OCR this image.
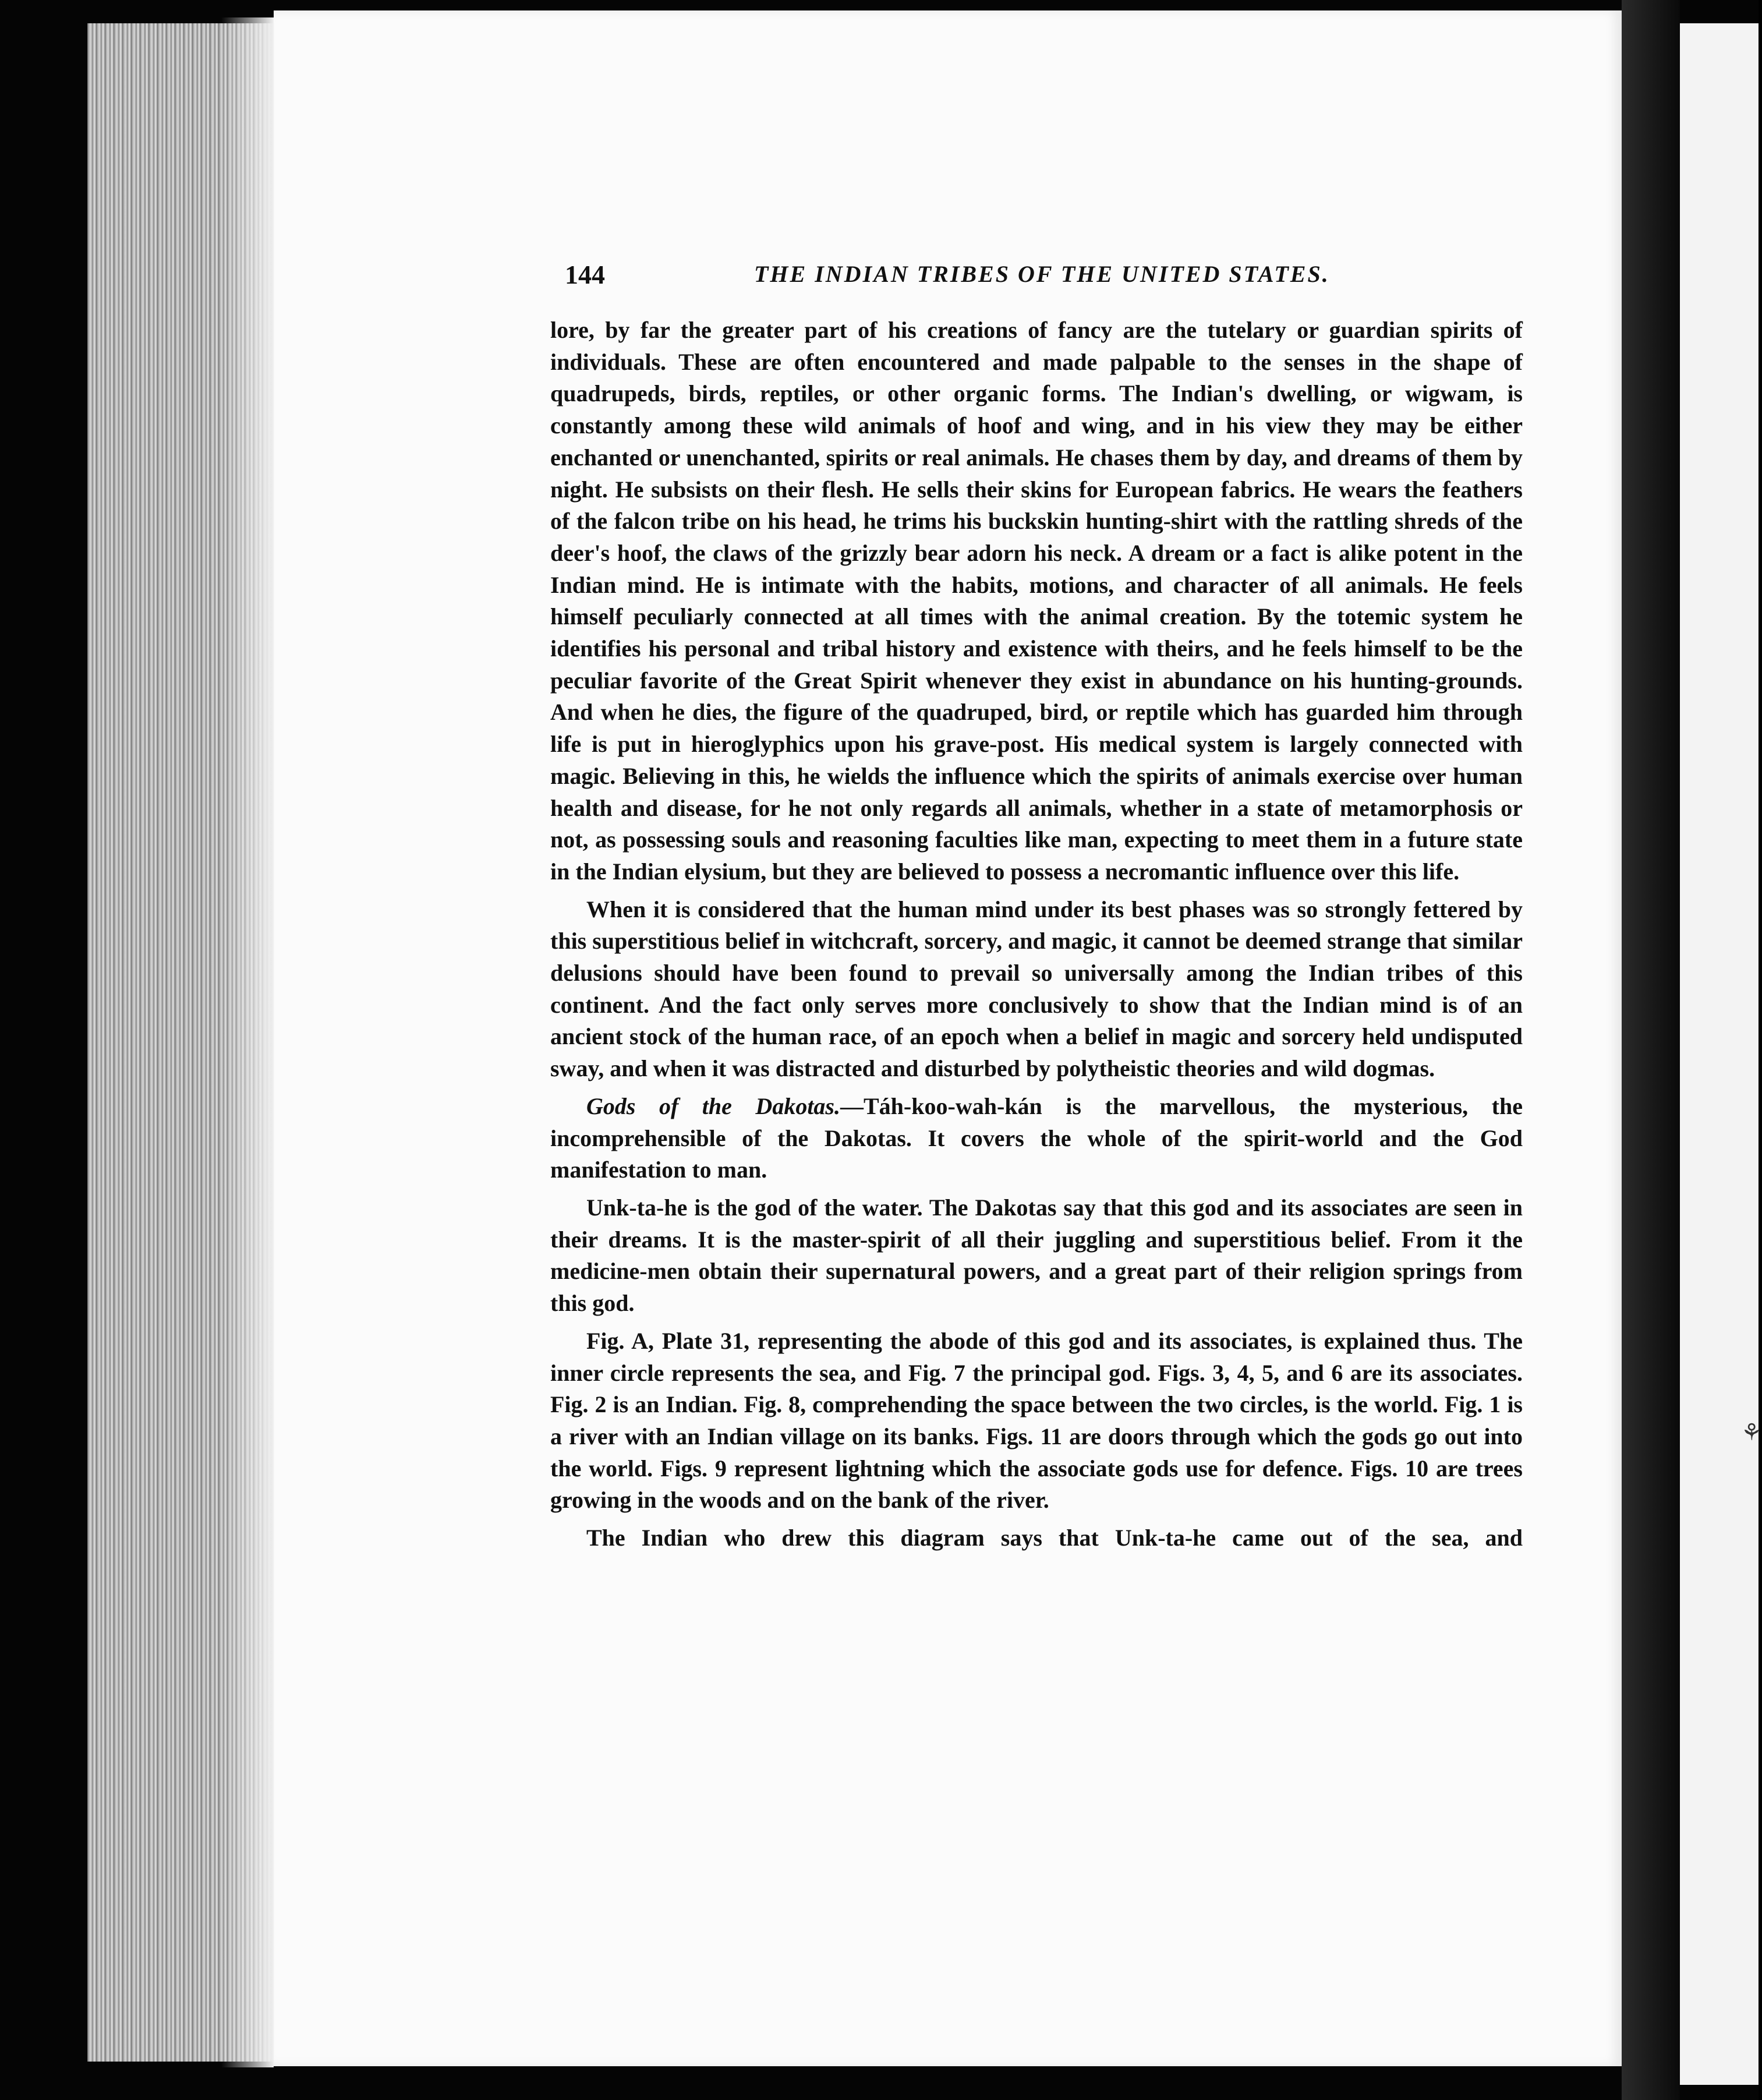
⚘
144	THE INDIAN TRIBES OF THE UNITED STATES.

lore, by far the greater part of his creations of fancy are the tutelary or guardian spirits of individuals. These are often encountered and made palpable to the senses in the shape of quadrupeds, birds, reptiles, or other organic forms. The Indian's dwelling, or wigwam, is constantly among these wild animals of hoof and wing, and in his view they may be either enchanted or unenchanted, spirits or real animals. He chases them by day, and dreams of them by night. He subsists on their flesh. He sells their skins for European fabrics. He wears the feathers of the falcon tribe on his head, he trims his buckskin hunting-shirt with the rattling shreds of the deer's hoof, the claws of the grizzly bear adorn his neck. A dream or a fact is alike potent in the Indian mind. He is intimate with the habits, motions, and character of all animals. He feels himself peculiarly connected at all times with the animal creation. By the totemic system he identifies his personal and tribal history and existence with theirs, and he feels himself to be the peculiar favorite of the Great Spirit whenever they exist in abundance on his hunting-grounds. And when he dies, the figure of the quadruped, bird, or reptile which has guarded him through life is put in hieroglyphics upon his grave-post. His medical system is largely connected with magic. Believing in this, he wields the influence which the spirits of animals exercise over human health and disease, for he not only regards all animals, whether in a state of metamorphosis or not, as possessing souls and reasoning faculties like man, expecting to meet them in a future state in the Indian elysium, but they are believed to possess a necromantic influence over this life.

When it is considered that the human mind under its best phases was so strongly fettered by this superstitious belief in witchcraft, sorcery, and magic, it cannot be deemed strange that similar delusions should have been found to prevail so universally among the Indian tribes of this continent. And the fact only serves more conclusively to show that the Indian mind is of an ancient stock of the human race, of an epoch when a belief in magic and sorcery held undisputed sway, and when it was distracted and disturbed by polytheistic theories and wild dogmas.

Gods of the Dakotas.—Táh-koo-wah-kán is the marvellous, the mysterious, the incomprehensible of the Dakotas. It covers the whole of the spirit-world and the God manifestation to man.

Unk-ta-he is the god of the water. The Dakotas say that this god and its associates are seen in their dreams. It is the master-spirit of all their juggling and superstitious belief. From it the medicine-men obtain their supernatural powers, and a great part of their religion springs from this god.

Fig. A, Plate 31, representing the abode of this god and its associates, is explained thus. The inner circle represents the sea, and Fig. 7 the principal god. Figs. 3, 4, 5, and 6 are its associates. Fig. 2 is an Indian. Fig. 8, comprehending the space between the two circles, is the world. Fig. 1 is a river with an Indian village on its banks. Figs. 11 are doors through which the gods go out into the world. Figs. 9 represent lightning which the associate gods use for defence. Figs. 10 are trees growing in the woods and on the bank of the river.

The Indian who drew this diagram says that Unk-ta-he came out of the sea, and
